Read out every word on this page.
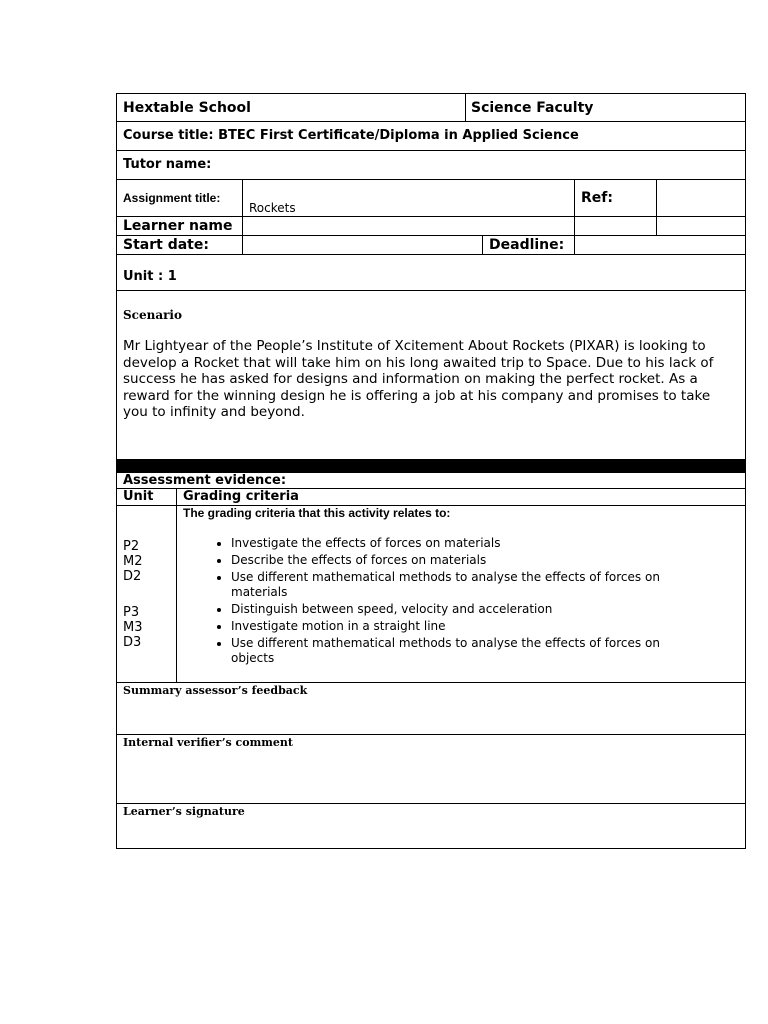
Hextable School	Science Faculty
Course title: BTEC First Certificate/Diploma in Applied Science
Tutor name:
Assignment title:
Rockets
Ref:
Learner name
Start date:	Deadline:
Unit : 1
Scenario
Mr Lightyear of the People’s Institute of Xcitement About Rockets (PIXAR) is looking to develop a Rocket that will take him on his long awaited trip to Space. Due to his lack of success he has asked for designs and information on making the perfect rocket. As a reward for the winning design he is offering a job at his company and promises to take you to infinity and beyond.
Assessment evidence:
Unit Grading criteria
P2
M2
D2
P3
M3
D3
The grading criteria that this activity relates to:
• Investigate the effects of forces on materials
• Describe the effects of forces on materials
• Use different mathematical methods to analyse the effects of forces on materials
• Distinguish between speed, velocity and acceleration
• Investigate motion in a straight line
• Use different mathematical methods to analyse the effects of forces on objects
Summary assessor’s feedback
Internal verifier’s comment
Learner’s signature
